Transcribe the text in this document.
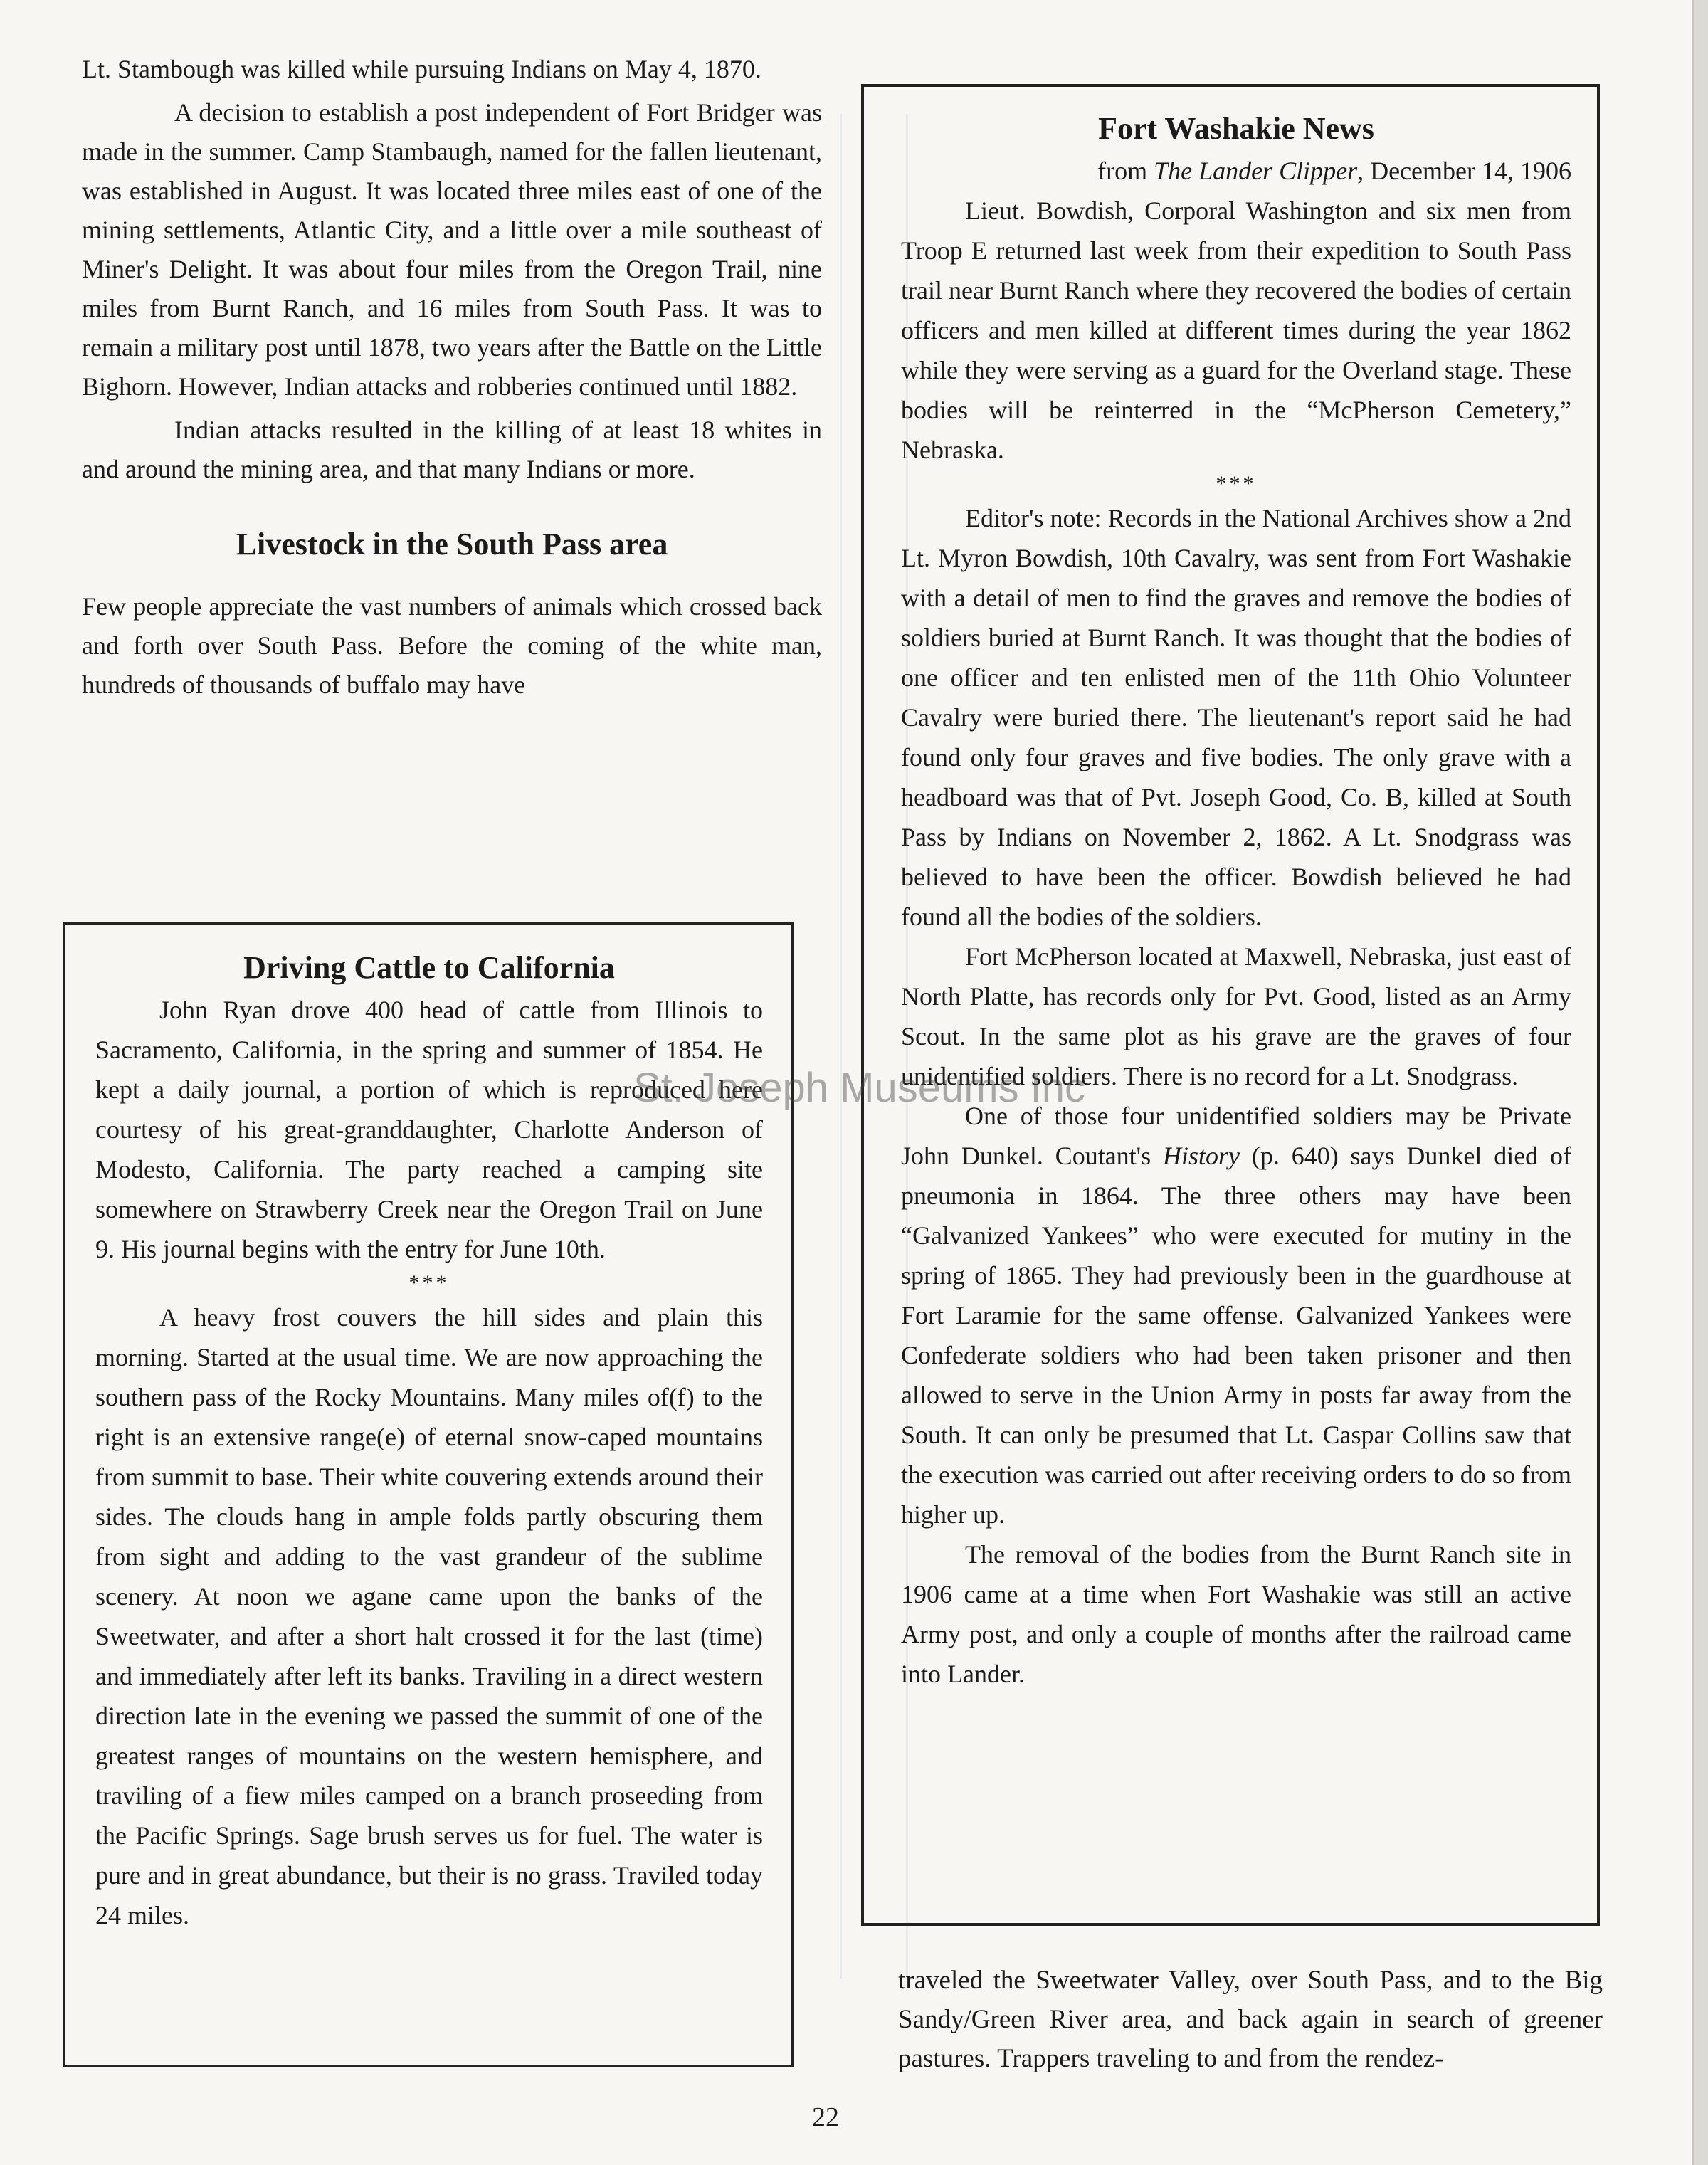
Lt. Stambough was killed while pursuing Indians on May 4, 1870.

A decision to establish a post independent of Fort Bridger was made in the summer. Camp Stambaugh, named for the fallen lieutenant, was established in August. It was located three miles east of one of the mining settlements, Atlantic City, and a little over a mile southeast of Miner's Delight. It was about four miles from the Oregon Trail, nine miles from Burnt Ranch, and 16 miles from South Pass. It was to remain a military post until 1878, two years after the Battle on the Little Bighorn. However, Indian attacks and robberies continued until 1882.

Indian attacks resulted in the killing of at least 18 whites in and around the mining area, and that many Indians or more.

Livestock in the South Pass area

Few people appreciate the vast numbers of animals which crossed back and forth over South Pass. Before the coming of the white man, hundreds of thousands of buffalo may have

Driving Cattle to California

John Ryan drove 400 head of cattle from Illinois to Sacramento, California, in the spring and summer of 1854. He kept a daily journal, a portion of which is reproduced here courtesy of his great-granddaughter, Charlotte Anderson of Modesto, California. The party reached a camping site somewhere on Strawberry Creek near the Oregon Trail on June 9. His journal begins with the entry for June 10th.

***

A heavy frost couvers the hill sides and plain this morning. Started at the usual time. We are now approaching the southern pass of the Rocky Mountains. Many miles of(f) to the right is an extensive range(e) of eternal snow-caped mountains from summit to base. Their white couvering extends around their sides. The clouds hang in ample folds partly obscuring them from sight and adding to the vast grandeur of the sublime scenery. At noon we agane came upon the banks of the Sweetwater, and after a short halt crossed it for the last (time) and immediately after left its banks. Traviling in a direct western direction late in the evening we passed the summit of one of the greatest ranges of mountains on the western hemisphere, and traviling of a fiew miles camped on a branch proseeding from the Pacific Springs. Sage brush serves us for fuel. The water is pure and in great abundance, but their is no grass. Traviled today 24 miles.

Fort Washakie News

from The Lander Clipper, December 14, 1906

Lieut. Bowdish, Corporal Washington and six men from Troop E returned last week from their expedition to South Pass trail near Burnt Ranch where they recovered the bodies of certain officers and men killed at different times during the year 1862 while they were serving as a guard for the Overland stage. These bodies will be reinterred in the “McPherson Cemetery,” Nebraska.

***

Editor's note: Records in the National Archives show a 2nd Lt. Myron Bowdish, 10th Cavalry, was sent from Fort Washakie with a detail of men to find the graves and remove the bodies of soldiers buried at Burnt Ranch. It was thought that the bodies of one officer and ten enlisted men of the 11th Ohio Volunteer Cavalry were buried there. The lieutenant's report said he had found only four graves and five bodies. The only grave with a headboard was that of Pvt. Joseph Good, Co. B, killed at South Pass by Indians on November 2, 1862. A Lt. Snodgrass was believed to have been the officer. Bowdish believed he had found all the bodies of the soldiers.

Fort McPherson located at Maxwell, Nebraska, just east of North Platte, has records only for Pvt. Good, listed as an Army Scout. In the same plot as his grave are the graves of four unidentified soldiers. There is no record for a Lt. Snodgrass.

One of those four unidentified soldiers may be Private John Dunkel. Coutant's History (p. 640) says Dunkel died of pneumonia in 1864. The three others may have been “Galvanized Yankees” who were executed for mutiny in the spring of 1865. They had previously been in the guardhouse at Fort Laramie for the same offense. Galvanized Yankees were Confederate soldiers who had been taken prisoner and then allowed to serve in the Union Army in posts far away from the South. It can only be presumed that Lt. Caspar Collins saw that the execution was carried out after receiving orders to do so from higher up.

The removal of the bodies from the Burnt Ranch site in 1906 came at a time when Fort Washakie was still an active Army post, and only a couple of months after the railroad came into Lander.

traveled the Sweetwater Valley, over South Pass, and to the Big Sandy/Green River area, and back again in search of greener pastures. Trappers traveling to and from the rendez-

St. Joseph Museums Inc
22
